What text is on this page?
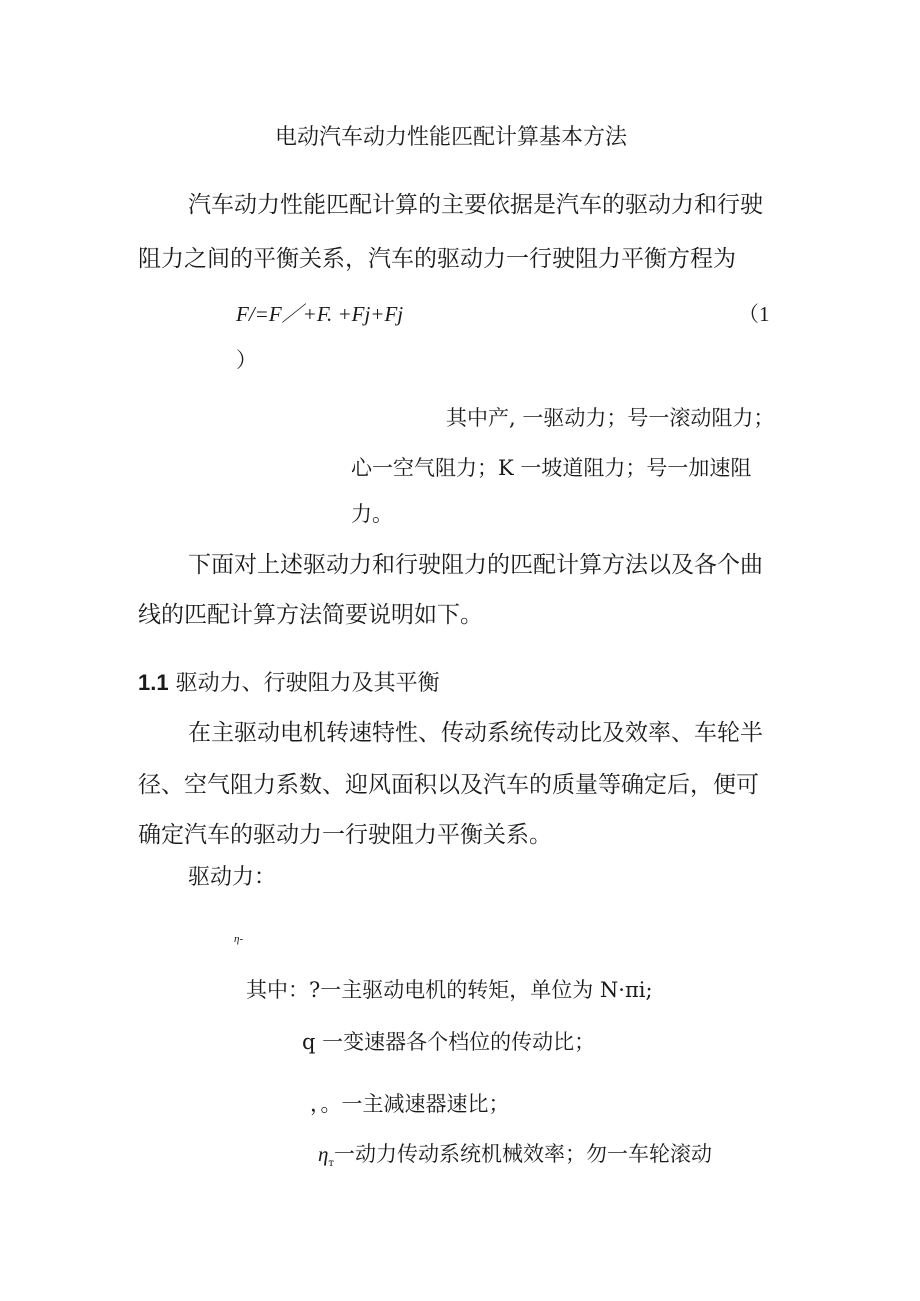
电动汽车动力性能匹配计算基本方法
汽车动力性能匹配计算的主要依据是汽车的驱动力和行驶
阻力之间的平衡关系，汽车的驱动力一行驶阻力平衡方程为
F/=F／+F. +Fj+Fj	（1
）
其中产, 一驱动力；号一滚动阻力；
心一空气阻力；K 一坡道阻力；号一加速阻
力。
下面对上述驱动力和行驶阻力的匹配计算方法以及各个曲
线的匹配计算方法简要说明如下。
1.1 驱动力、行驶阻力及其平衡
在主驱动电机转速特性、传动系统传动比及效率、车轮半
径、空气阻力系数、迎风面积以及汽车的质量等确定后，便可
确定汽车的驱动力一行驶阻力平衡关系。
驱动力：
η-
其中：?一主驱动电机的转矩，单位为 N·πi;
q 一变速器各个档位的传动比；
，。一主减速器速比；
$\eta_т$一动力传动系统机械效率；勿一车轮滚动
